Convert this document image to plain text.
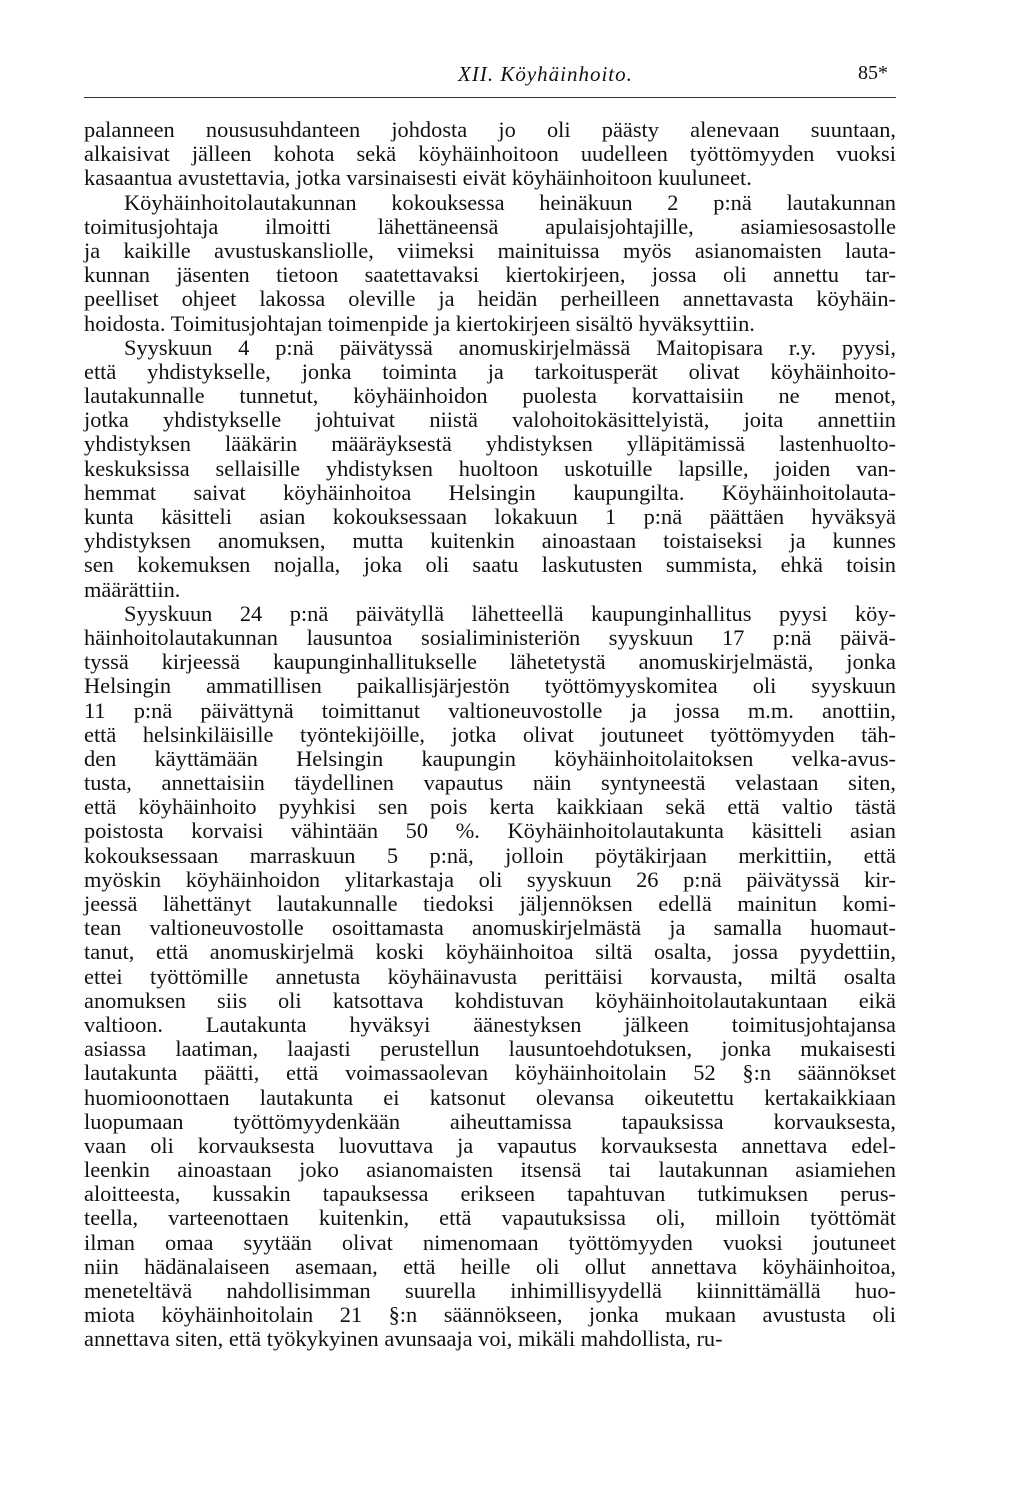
XII. Köyhäinhoito.	85*
palanneen noususuhdanteen johdosta jo oli päästy alenevaan suuntaan,
alkaisivat jälleen kohota sekä köyhäinhoitoon uudelleen työttömyyden vuoksi
kasaantua avustettavia, jotka varsinaisesti eivät köyhäinhoitoon kuuluneet.
Köyhäinhoitolautakunnan kokouksessa heinäkuun 2 p:nä lautakunnan
toimitusjohtaja ilmoitti lähettäneensä apulaisjohtajille, asiamiesosastolle
ja kaikille avustuskansliolle, viimeksi mainituissa myös asianomaisten lauta-
kunnan jäsenten tietoon saatettavaksi kiertokirjeen, jossa oli annettu tar-
peelliset ohjeet lakossa oleville ja heidän perheilleen annettavasta köyhäin-
hoidosta. Toimitusjohtajan toimenpide ja kiertokirjeen sisältö hyväksyttiin.
Syyskuun 4 p:nä päivätyssä anomuskirjelmässä Maitopisara r.y. pyysi,
että yhdistykselle, jonka toiminta ja tarkoitusperät olivat köyhäinhoito-
lautakunnalle tunnetut, köyhäinhoidon puolesta korvattaisiin ne menot,
jotka yhdistykselle johtuivat niistä valohoitokäsittelyistä, joita annettiin
yhdistyksen lääkärin määräyksestä yhdistyksen ylläpitämissä lastenhuolto-
keskuksissa sellaisille yhdistyksen huoltoon uskotuille lapsille, joiden van-
hemmat saivat köyhäinhoitoa Helsingin kaupungilta. Köyhäinhoitolauta-
kunta käsitteli asian kokouksessaan lokakuun 1 p:nä päättäen hyväksyä
yhdistyksen anomuksen, mutta kuitenkin ainoastaan toistaiseksi ja kunnes
sen kokemuksen nojalla, joka oli saatu laskutusten summista, ehkä toisin
määrättiin.
Syyskuun 24 p:nä päivätyllä lähetteellä kaupunginhallitus pyysi köy-
häinhoitolautakunnan lausuntoa sosialiministeriön syyskuun 17 p:nä päivä-
tyssä kirjeessä kaupunginhallitukselle lähetetystä anomuskirjelmästä, jonka
Helsingin ammatillisen paikallisjärjestön työttömyyskomitea oli syyskuun
11 p:nä päivättynä toimittanut valtioneuvostolle ja jossa m.m. anottiin,
että helsinkiläisille työntekijöille, jotka olivat joutuneet työttömyyden täh-
den käyttämään Helsingin kaupungin köyhäinhoitolaitoksen velka-avus-
tusta, annettaisiin täydellinen vapautus näin syntyneestä velastaan siten,
että köyhäinhoito pyyhkisi sen pois kerta kaikkiaan sekä että valtio tästä
poistosta korvaisi vähintään 50 %. Köyhäinhoitolautakunta käsitteli asian
kokouksessaan marraskuun 5 p:nä, jolloin pöytäkirjaan merkittiin, että
myöskin köyhäinhoidon ylitarkastaja oli syyskuun 26 p:nä päivätyssä kir-
jeessä lähettänyt lautakunnalle tiedoksi jäljennöksen edellä mainitun komi-
tean valtioneuvostolle osoittamasta anomuskirjelmästä ja samalla huomaut-
tanut, että anomuskirjelmä koski köyhäinhoitoa siltä osalta, jossa pyydettiin,
ettei työttömille annetusta köyhäinavusta perittäisi korvausta, miltä osalta
anomuksen siis oli katsottava kohdistuvan köyhäinhoitolautakuntaan eikä
valtioon. Lautakunta hyväksyi äänestyksen jälkeen toimitusjohtajansa
asiassa laatiman, laajasti perustellun lausuntoehdotuksen, jonka mukaisesti
lautakunta päätti, että voimassaolevan köyhäinhoitolain 52 §:n säännökset
huomioonottaen lautakunta ei katsonut olevansa oikeutettu kertakaikkiaan
luopumaan työttömyydenkään aiheuttamissa tapauksissa korvauksesta,
vaan oli korvauksesta luovuttava ja vapautus korvauksesta annettava edel-
leenkin ainoastaan joko asianomaisten itsensä tai lautakunnan asiamiehen
aloitteesta, kussakin tapauksessa erikseen tapahtuvan tutkimuksen perus-
teella, varteenottaen kuitenkin, että vapautuksissa oli, milloin työttömät
ilman omaa syytään olivat nimenomaan työttömyyden vuoksi joutuneet
niin hädänalaiseen asemaan, että heille oli ollut annettava köyhäinhoitoa,
meneteltävä nahdollisimman suurella inhimillisyydellä kiinnittämällä huo-
miota köyhäinhoitolain 21 §:n säännökseen, jonka mukaan avustusta oli
annettava siten, että työkykyinen avunsaaja voi, mikäli mahdollista, ru-
